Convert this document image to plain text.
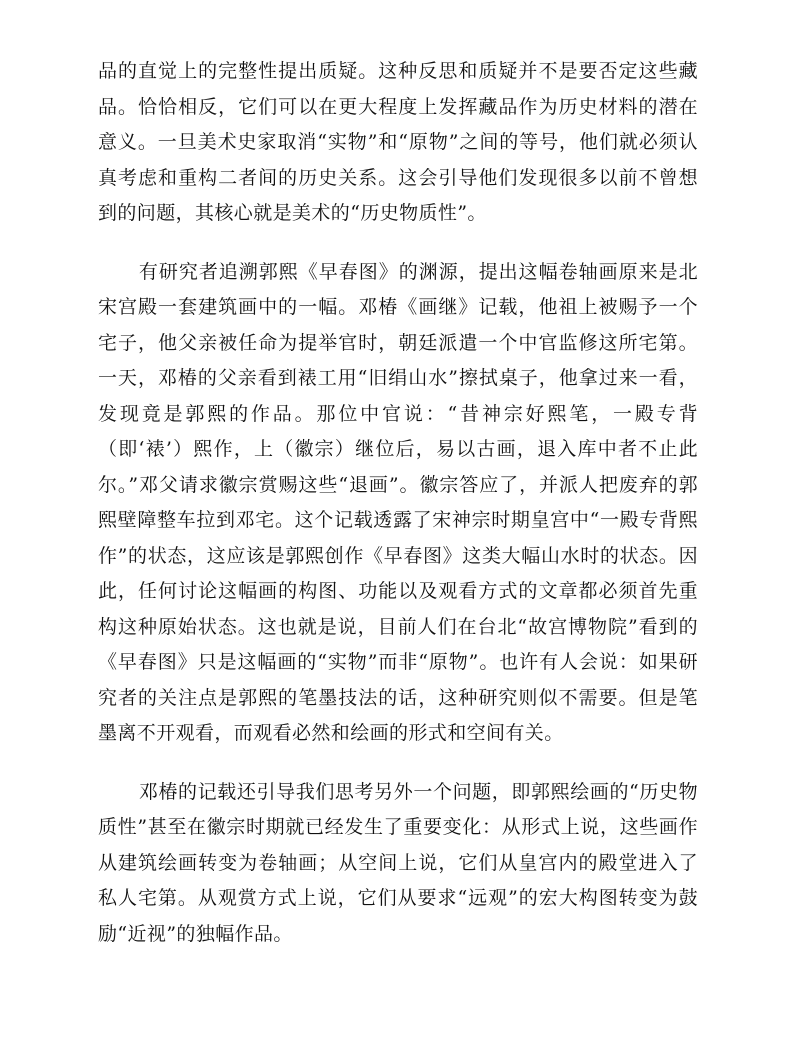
品的直觉上的完整性提出质疑。这种反思和质疑并不是要否定这些藏品。恰恰相反，它们可以在更大程度上发挥藏品作为历史材料的潜在意义。一旦美术史家取消“实物”和“原物”之间的等号，他们就必须认真考虑和重构二者间的历史关系。这会引导他们发现很多以前不曾想到的问题，其核心就是美术的“历史物质性”。

有研究者追溯郭熙《早春图》的渊源，提出这幅卷轴画原来是北宋宫殿一套建筑画中的一幅。邓椿《画继》记载，他祖上被赐予一个宅子，他父亲被任命为提举官时，朝廷派遣一个中官监修这所宅第。一天，邓椿的父亲看到裱工用“旧绢山水”擦拭桌子，他拿过来一看，发现竟是郭熙的作品。那位中官说：“昔神宗好熙笔，一殿专背（即‘裱’）熙作，上（徽宗）继位后，易以古画，退入库中者不止此尔。”邓父请求徽宗赏赐这些“退画”。徽宗答应了，并派人把废弃的郭熙壁障整车拉到邓宅。这个记载透露了宋神宗时期皇宫中“一殿专背熙作”的状态，这应该是郭熙创作《早春图》这类大幅山水时的状态。因此，任何讨论这幅画的构图、功能以及观看方式的文章都必须首先重构这种原始状态。这也就是说，目前人们在台北“故宫博物院”看到的《早春图》只是这幅画的“实物”而非“原物”。也许有人会说：如果研究者的关注点是郭熙的笔墨技法的话，这种研究则似不需要。但是笔墨离不开观看，而观看必然和绘画的形式和空间有关。

邓椿的记载还引导我们思考另外一个问题，即郭熙绘画的“历史物质性”甚至在徽宗时期就已经发生了重要变化：从形式上说，这些画作从建筑绘画转变为卷轴画；从空间上说，它们从皇宫内的殿堂进入了私人宅第。从观赏方式上说，它们从要求“远观”的宏大构图转变为鼓励“近视”的独幅作品。
